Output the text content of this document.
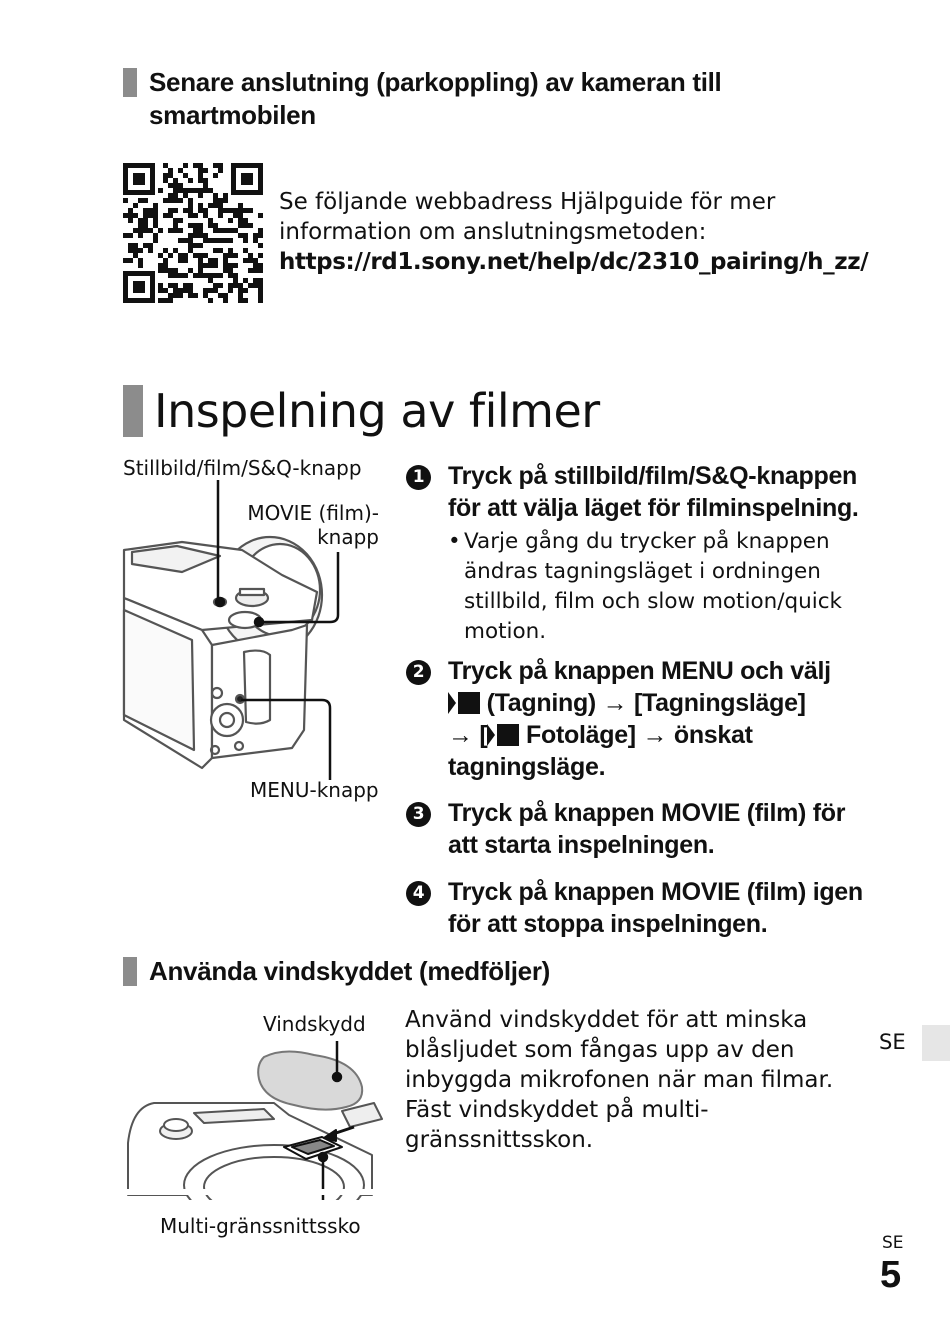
Senare anslutning (parkoppling) av kameran till
smartmobilen
Se följande webbadress Hjälpguide för mer
information om anslutningsmetoden:
https://rd1.sony.net/help/dc/2310_pairing/h_zz/
Inspelning av filmer
Stillbild/film/S&Q-knapp
MOVIE (film)-
knapp
MENU-knapp
1 Tryck på stillbild/film/S&Q-knappen
för att välja läget för filminspelning.
• Varje gång du trycker på knappen
ändras tagningsläget i ordningen
stillbild, film och slow motion/quick
motion.
2 Tryck på knappen MENU och välj
(Tagning) → [Tagningsläge]
→ [ Fotoläge] → önskat
tagningsläge.
3 Tryck på knappen MOVIE (film) för
att starta inspelningen.
4 Tryck på knappen MOVIE (film) igen
för att stoppa inspelningen.
Använda vindskyddet (medföljer)
Vindskydd
Multi-gränssnittssko
Använd vindskyddet för att minska
blåsljudet som fångas upp av den
inbyggda mikrofonen när man filmar.
Fäst vindskyddet på multi-
gränssnittsskon.
SE
SE
5
